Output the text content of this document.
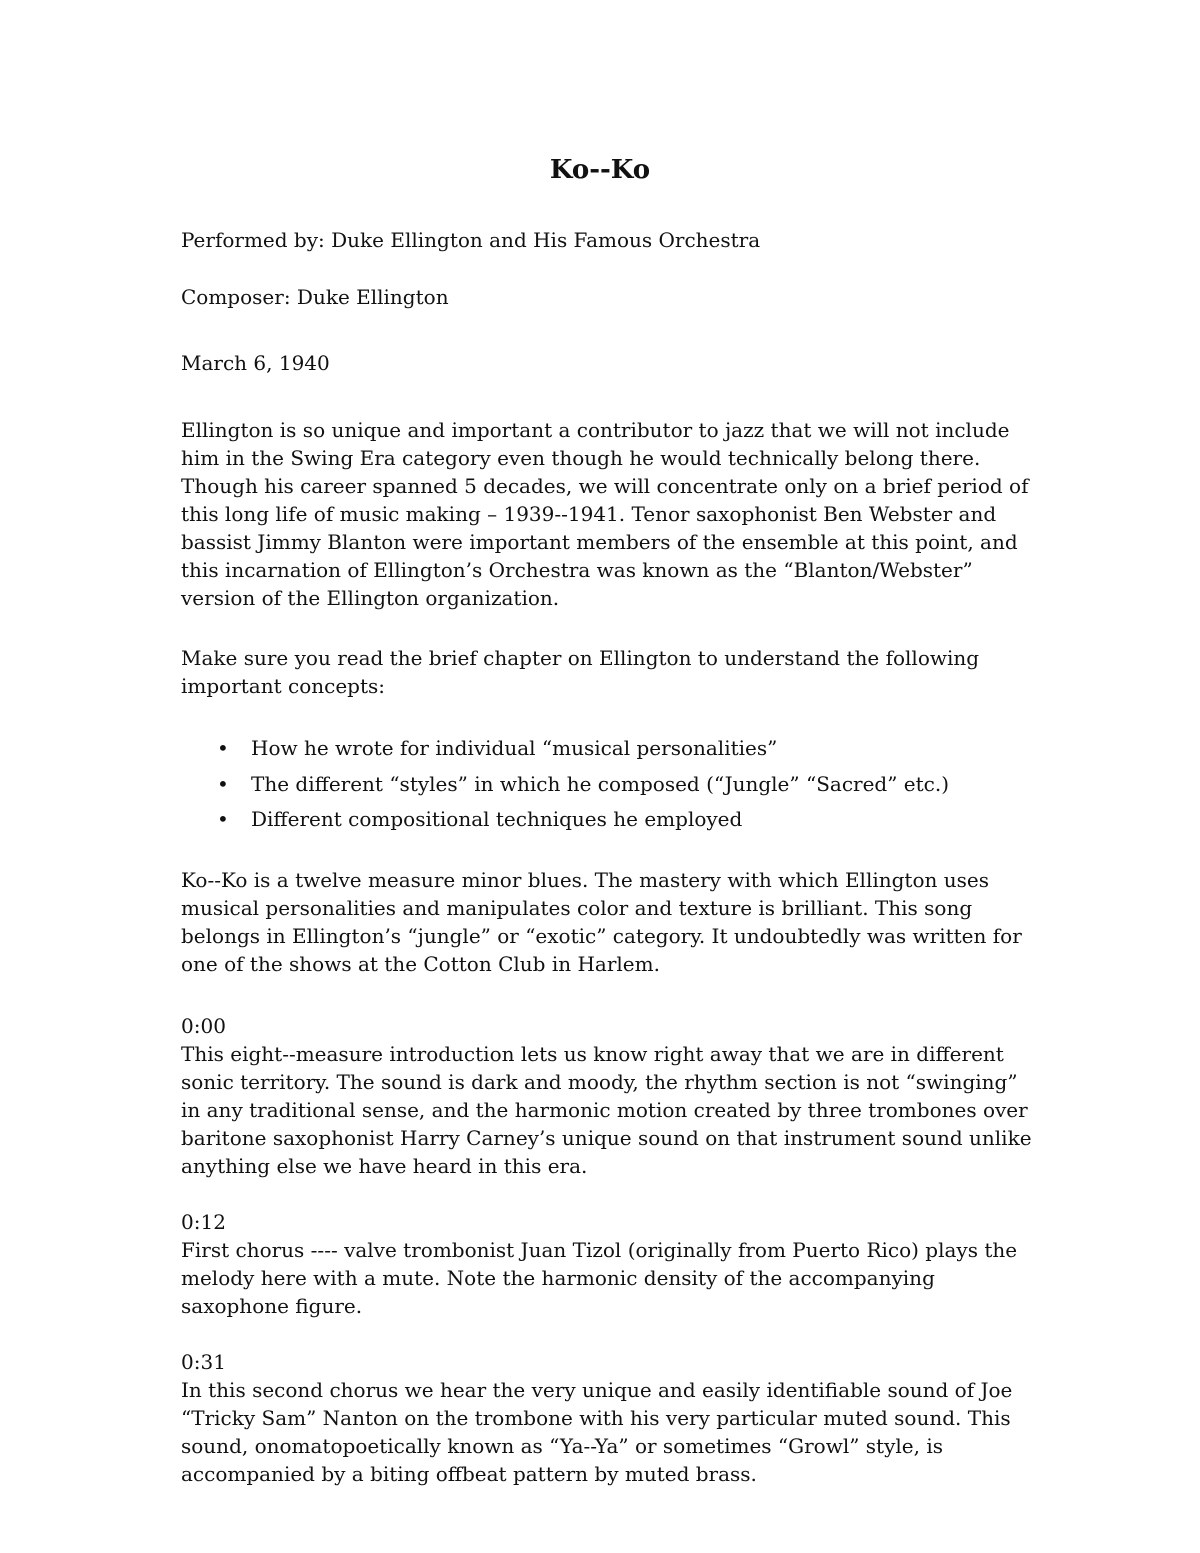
Ko--Ko

Performed by: Duke Ellington and His Famous Orchestra

Composer: Duke Ellington

March 6, 1940

Ellington is so unique and important a contributor to jazz that we will not include him in the Swing Era category even though he would technically belong there. Though his career spanned 5 decades, we will concentrate only on a brief period of this long life of music making – 1939--1941. Tenor saxophonist Ben Webster and bassist Jimmy Blanton were important members of the ensemble at this point, and this incarnation of Ellington’s Orchestra was known as the “Blanton/Webster” version of the Ellington organization.

Make sure you read the brief chapter on Ellington to understand the following important concepts:

• How he wrote for individual “musical personalities”
• The different “styles” in which he composed (“Jungle” “Sacred” etc.)
• Different compositional techniques he employed

Ko--Ko is a twelve measure minor blues. The mastery with which Ellington uses musical personalities and manipulates color and texture is brilliant. This song belongs in Ellington’s “jungle” or “exotic” category. It undoubtedly was written for one of the shows at the Cotton Club in Harlem.

0:00
This eight--measure introduction lets us know right away that we are in different sonic territory. The sound is dark and moody, the rhythm section is not “swinging” in any traditional sense, and the harmonic motion created by three trombones over baritone saxophonist Harry Carney’s unique sound on that instrument sound unlike anything else we have heard in this era.
0:12
First chorus ---- valve trombonist Juan Tizol (originally from Puerto Rico) plays the melody here with a mute. Note the harmonic density of the accompanying saxophone figure.
0:31
In this second chorus we hear the very unique and easily identifiable sound of Joe “Tricky Sam” Nanton on the trombone with his very particular muted sound. This sound, onomatopoetically known as “Ya--Ya” or sometimes “Growl” style, is accompanied by a biting offbeat pattern by muted brass.
